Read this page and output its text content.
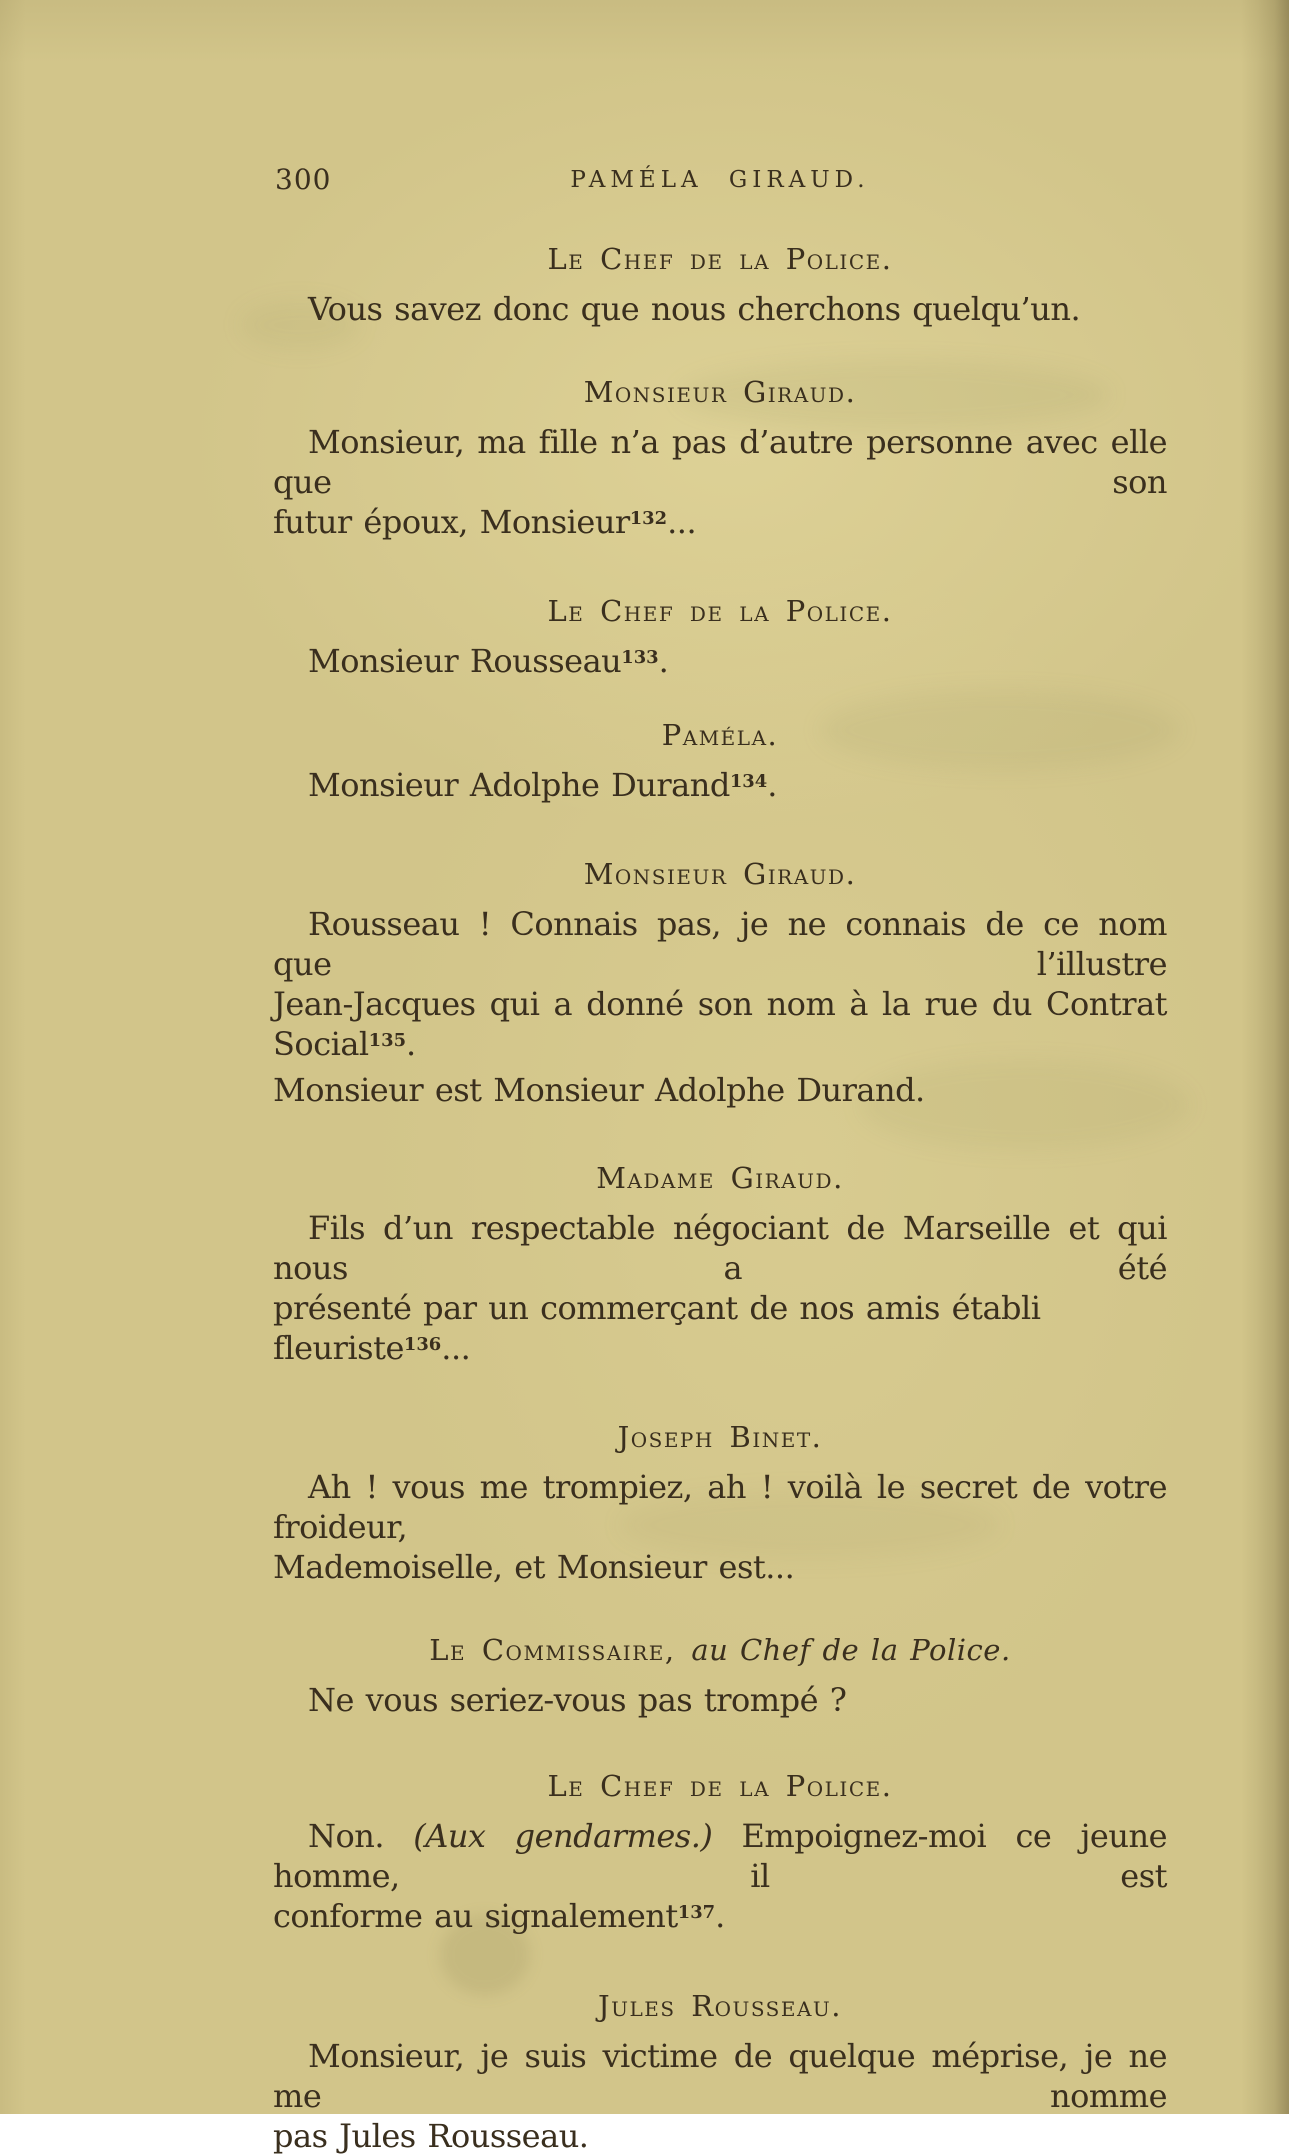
300	PAMÉLA GIRAUD.
Le Chef de la Police.
Vous savez donc que nous cherchons quelqu’un.
Monsieur Giraud.
Monsieur, ma fille n’a pas d’autre personne avec elle que son
futur époux, Monsieur$^{132}$...
Le Chef de la Police.
Monsieur Rousseau$^{133}$.
Paméla.
Monsieur Adolphe Durand$^{134}$.
Monsieur Giraud.
Rousseau ! Connais pas, je ne connais de ce nom que l’illustre
Jean-Jacques qui a donné son nom à la rue du Contrat Social$^{135}$.
Monsieur est Monsieur Adolphe Durand.
Madame Giraud.
Fils d’un respectable négociant de Marseille et qui nous a été
présenté par un commerçant de nos amis établi fleuriste$^{136}$...
Joseph Binet.
Ah ! vous me trompiez, ah ! voilà le secret de votre froideur,
Mademoiselle, et Monsieur est...
Le Commissaire, au Chef de la Police.
Ne vous seriez-vous pas trompé ?
Le Chef de la Police.
Non. (Aux gendarmes.) Empoignez-moi ce jeune homme, il est
conforme au signalement$^{137}$.
Jules Rousseau.
Monsieur, je suis victime de quelque méprise, je ne me nomme
pas Jules Rousseau.
